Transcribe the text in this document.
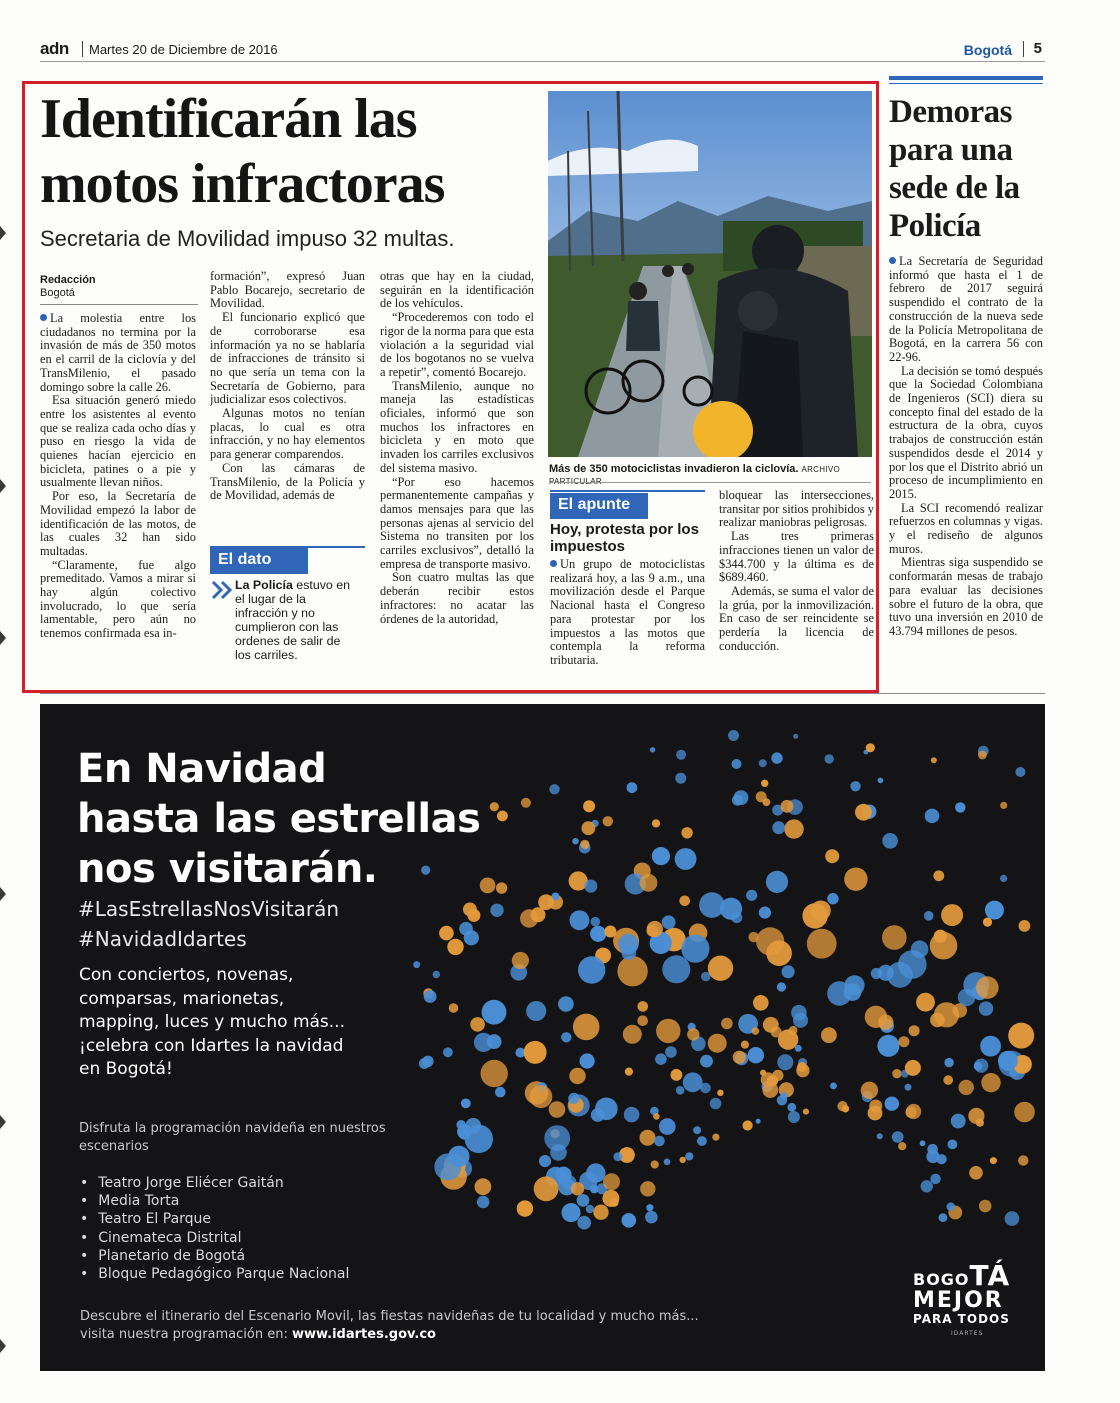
adn Martes 20 de Diciembre de 2016	Bogotá 5
Identificarán las motos infractoras
Secretaria de Movilidad impuso 32 multas.
Redacción
Bogotá

La molestia entre los ciudadanos no termina por la invasión de más de 350 motos en el carril de la ciclovía y del TransMilenio, el pasado domingo sobre la calle 26.

Esa situación generó miedo entre los asistentes al evento que se realiza cada ocho días y puso en riesgo la vida de quienes hacían ejercicio en bicicleta, patines o a pie y usualmente llevan niños.

Por eso, la Secretaría de Movilidad empezó la labor de identificación de las motos, de las cuales 32 han sido multadas.

“Claramente, fue algo premeditado. Vamos a mirar si hay algún colectivo involucrado, lo que sería lamentable, pero aún no tenemos confirmada esa in-

formación”, expresó Juan Pablo Bocarejo, secretario de Movilidad.

El funcionario explicó que de corroborarse esa información ya no se hablaría de infracciones de tránsito si no que sería un tema con la Secretaría de Gobierno, para judicializar esos colectivos.

Algunas motos no tenían placas, lo cual es otra infracción, y no hay elementos para generar comparendos.

Con las cámaras de TransMilenio, de la Policía y de Movilidad, además de

El dato
La Policía estuvo en el lugar de la infracción y no cumplieron con las ordenes de salir de los carriles.

otras que hay en la ciudad, seguirán en la identificación de los vehículos.

“Procederemos con todo el rigor de la norma para que esta violación a la seguridad vial de los bogotanos no se vuelva a repetir”, comentó Bocarejo.

TransMilenio, aunque no maneja las estadísticas oficiales, informó que son muchos los infractores en bicicleta y en moto que invaden los carriles exclusivos del sistema masivo.

“Por eso hacemos permanentemente campañas y damos mensajes para que las personas ajenas al servicio del Sistema no transiten por los carriles exclusivos”, detalló la empresa de transporte masivo.

Son cuatro multas las que deberán recibir estos infractores: no acatar las órdenes de la autoridad,

Más de 350 motociclistas invadieron la ciclovía. ARCHIVO
El apunte
Hoy, protesta por los impuestos

Un grupo de motociclistas realizará hoy, a las 9 a.m., una movilización desde el Parque Nacional hasta el Congreso para protestar por los impuestos a las motos que contempla la reforma tributaria.

bloquear las intersecciones, transitar por sitios prohibidos y realizar maniobras peligrosas.

Las tres primeras infracciones tienen un valor de $344.700 y la última es de $689.460.

Además, se suma el valor de la grúa, por la inmovilización. En caso de ser reincidente se perdería la licencia de conducción.

Demoras para una sede de la Policía

La Secretaría de Seguridad informó que hasta el 1 de febrero de 2017 seguirá suspendido el contrato de la construcción de la nueva sede de la Policía Metropolitana de Bogotá, en la carrera 56 con 22-96.

La decisión se tomó después que la Sociedad Colombiana de Ingenieros (SCI) diera su concepto final del estado de la estructura de la obra, cuyos trabajos de construcción están suspendidos desde el 2014 y por los que el Distrito abrió un proceso de incumplimiento en 2015.

La SCI recomendó realizar refuerzos en columnas y vigas. y el rediseño de algunos muros.

Mientras siga suspendido se conformarán mesas de trabajo para evaluar las decisiones sobre el futuro de la obra, que tuvo una inversión en 2010 de 43.794 millones de pesos.

En Navidad
hasta las estrellas
nos visitarán.
#LasEstrellasNosVisitarán
#NavidadIdartes
Con conciertos, novenas, comparsas, marionetas, mapping, luces y mucho más... ¡celebra con Idartes la navidad en Bogotá!
Disfruta la programación navideña en nuestros escenarios
• Teatro Jorge Eliécer Gaitán
• Media Torta
• Teatro El Parque
• Cinemateca Distrital
• Planetario de Bogotá
• Bloque Pedagógico Parque Nacional
Descubre el itinerario del Escenario Movil, las fiestas navideñas de tu localidad y mucho más...
visita nuestra programación en: www.idartes.gov.co
BOGOTÁ
MEJOR
PARA TODOS
IDARTES
